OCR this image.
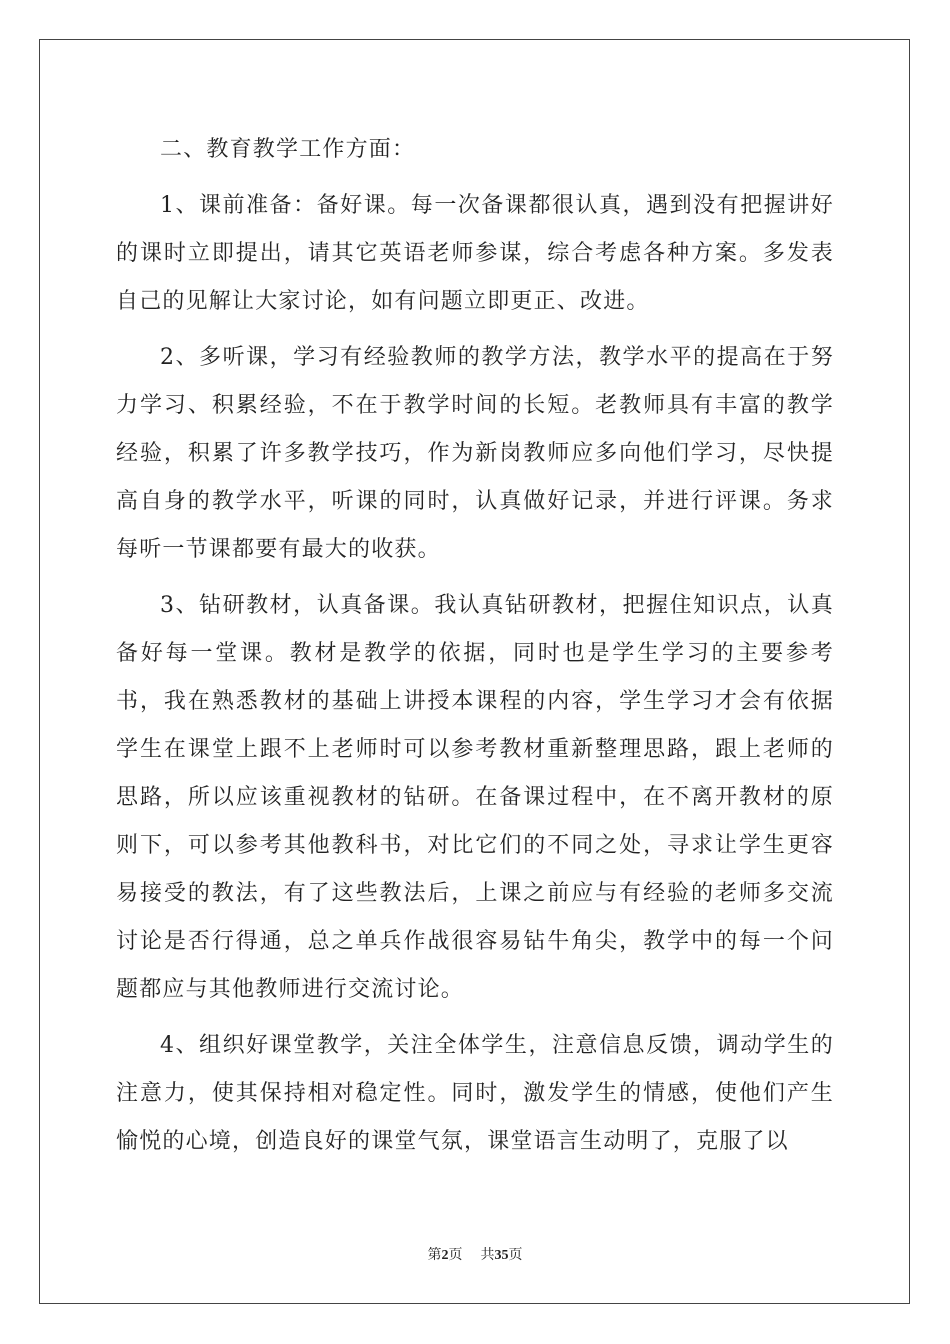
二、教育教学工作方面：

1、课前准备：备好课。每一次备课都很认真，遇到没有把握讲好的课时立即提出，请其它英语老师参谋，综合考虑各种方案。多发表自己的见解让大家讨论，如有问题立即更正、改进。

2、多听课，学习有经验教师的教学方法，教学水平的提高在于努力学习、积累经验，不在于教学时间的长短。老教师具有丰富的教学经验，积累了许多教学技巧，作为新岗教师应多向他们学习，尽快提高自身的教学水平，听课的同时，认真做好记录，并进行评课。务求每听一节课都要有最大的收获。

3、钻研教材，认真备课。我认真钻研教材，把握住知识点，认真备好每一堂课。教材是教学的依据，同时也是学生学习的主要参考书，我在熟悉教材的基础上讲授本课程的内容，学生学习才会有依据学生在课堂上跟不上老师时可以参考教材重新整理思路，跟上老师的思路，所以应该重视教材的钻研。在备课过程中，在不离开教材的原则下，可以参考其他教科书，对比它们的不同之处，寻求让学生更容易接受的教法，有了这些教法后，上课之前应与有经验的老师多交流讨论是否行得通，总之单兵作战很容易钻牛角尖，教学中的每一个问题都应与其他教师进行交流讨论。

4、组织好课堂教学，关注全体学生，注意信息反馈，调动学生的注意力，使其保持相对稳定性。同时，激发学生的情感，使他们产生愉悦的心境，创造良好的课堂气氛，课堂语言生动明了，克服了以

第2页 共35页
